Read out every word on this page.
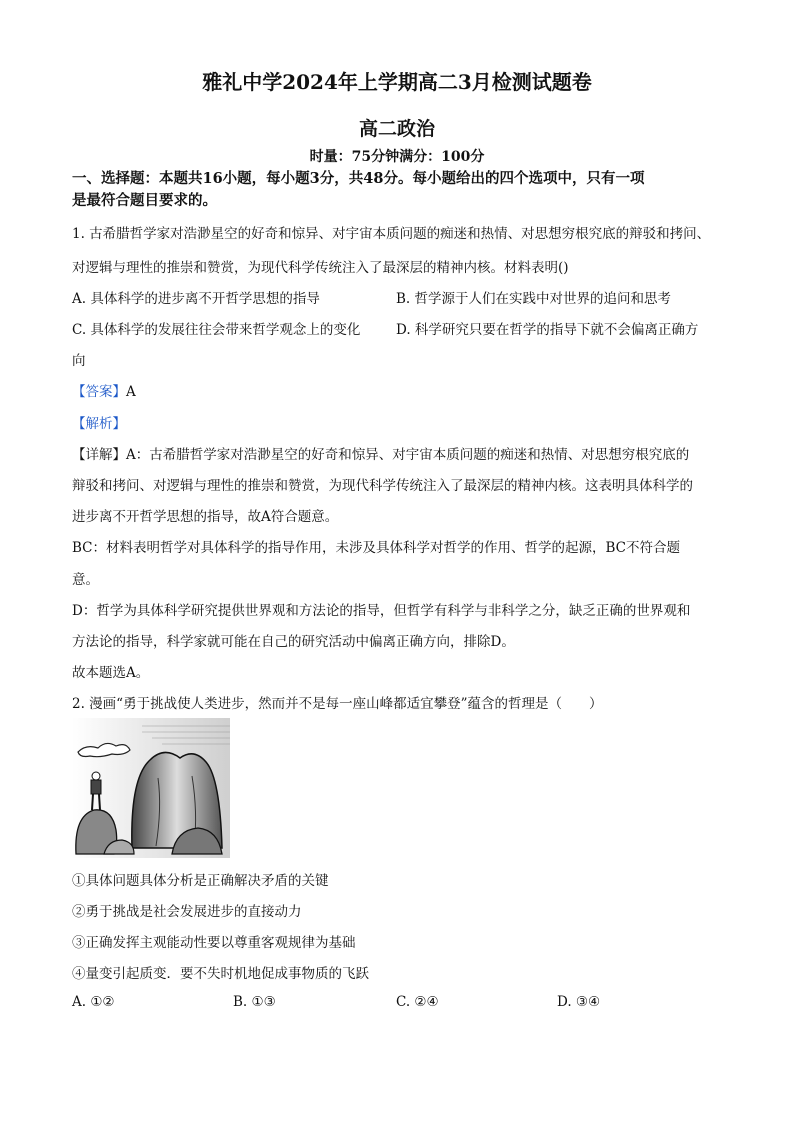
雅礼中学2024年上学期高二3月检测试题卷
高二政治
时量：75分钟满分：100分
一、选择题：本题共16小题，每小题3分，共48分。每小题给出的四个选项中，只有一项
是最符合题目要求的。
1. 古希腊哲学家对浩渺星空的好奇和惊异、对宇宙本质问题的痴迷和热情、对思想穷根究底的辩驳和拷问、
对逻辑与理性的推崇和赞赏，为现代科学传统注入了最深层的精神内核。材料表明()
A. 具体科学的进步离不开哲学思想的指导	B. 哲学源于人们在实践中对世界的追问和思考
C. 具体科学的发展往往会带来哲学观念上的变化	D. 科学研究只要在哲学的指导下就不会偏离正确方
向
【答案】A
【解析】
【详解】A：古希腊哲学家对浩渺星空的好奇和惊异、对宇宙本质问题的痴迷和热情、对思想穷根究底的
辩驳和拷问、对逻辑与理性的推崇和赞赏，为现代科学传统注入了最深层的精神内核。这表明具体科学的
进步离不开哲学思想的指导，故A符合题意。
BC：材料表明哲学对具体科学的指导作用，未涉及具体科学对哲学的作用、哲学的起源，BC不符合题
意。
D：哲学为具体科学研究提供世界观和方法论的指导，但哲学有科学与非科学之分，缺乏正确的世界观和
方法论的指导，科学家就可能在自己的研究活动中偏离正确方向，排除D。
故本题选A。
2. 漫画“勇于挑战使人类进步，然而并不是每一座山峰都适宜攀登”蕴含的哲理是（　　）
①具体问题具体分析是正确解决矛盾的关键
②勇于挑战是社会发展进步的直接动力
③正确发挥主观能动性要以尊重客观规律为基础
④量变引起质变．要不失时机地促成事物质的飞跃
A. ①②	B. ①③	C. ②④	D. ③④
